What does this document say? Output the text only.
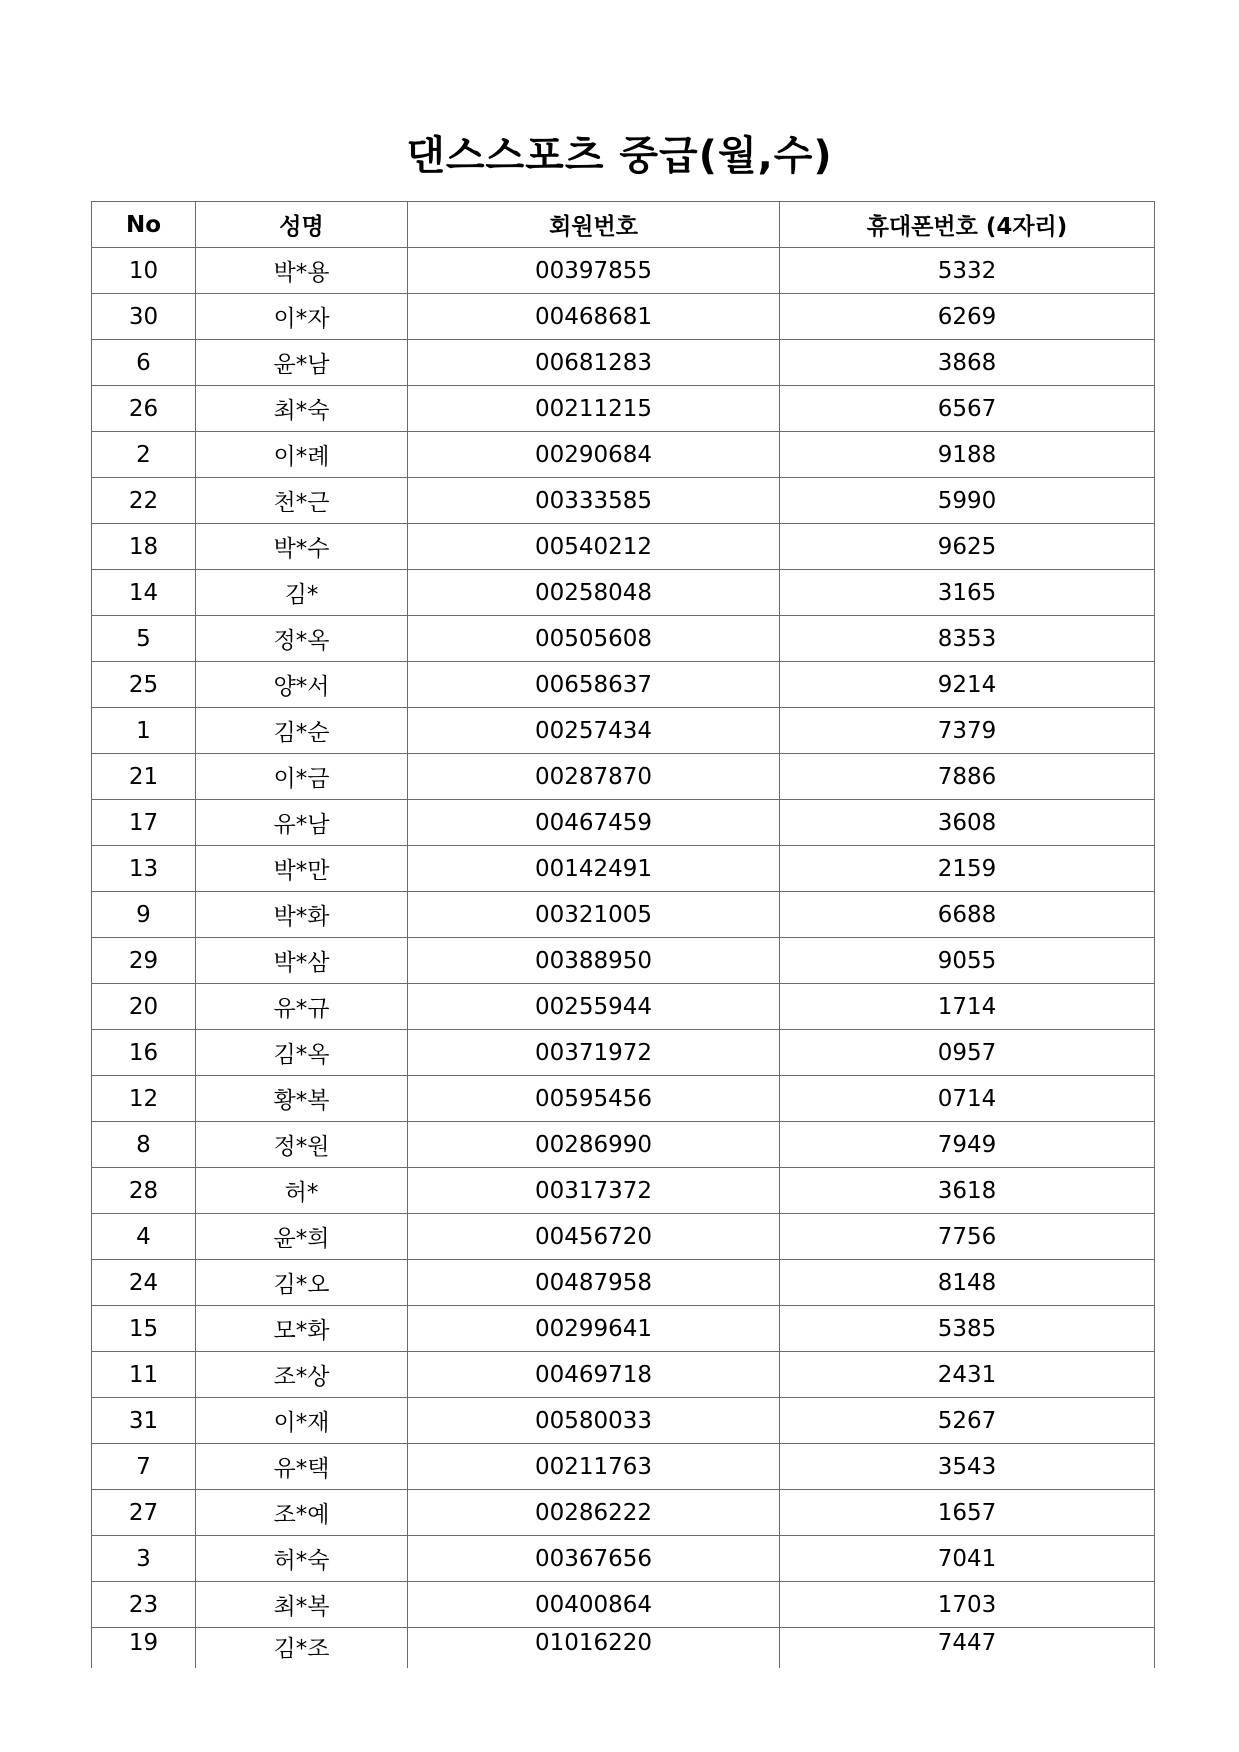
댄스스포츠 중급(월,수)
No	성명	회원번호	휴대폰번호 (4자리)
10	박*용	00397855	5332
30	이*자	00468681	6269
6	윤*남	00681283	3868
26	최*숙	00211215	6567
2	이*례	00290684	9188
22	천*근	00333585	5990
18	박*수	00540212	9625
14	김*	00258048	3165
5	정*옥	00505608	8353
25	양*서	00658637	9214
1	김*순	00257434	7379
21	이*금	00287870	7886
17	유*남	00467459	3608
13	박*만	00142491	2159
9	박*화	00321005	6688
29	박*삼	00388950	9055
20	유*규	00255944	1714
16	김*옥	00371972	0957
12	황*복	00595456	0714
8	정*원	00286990	7949
28	허*	00317372	3618
4	윤*희	00456720	7756
24	김*오	00487958	8148
15	모*화	00299641	5385
11	조*상	00469718	2431
31	이*재	00580033	5267
7	유*택	00211763	3543
27	조*예	00286222	1657
3	허*숙	00367656	7041
23	최*복	00400864	1703
19	김*조	01016220	7447
